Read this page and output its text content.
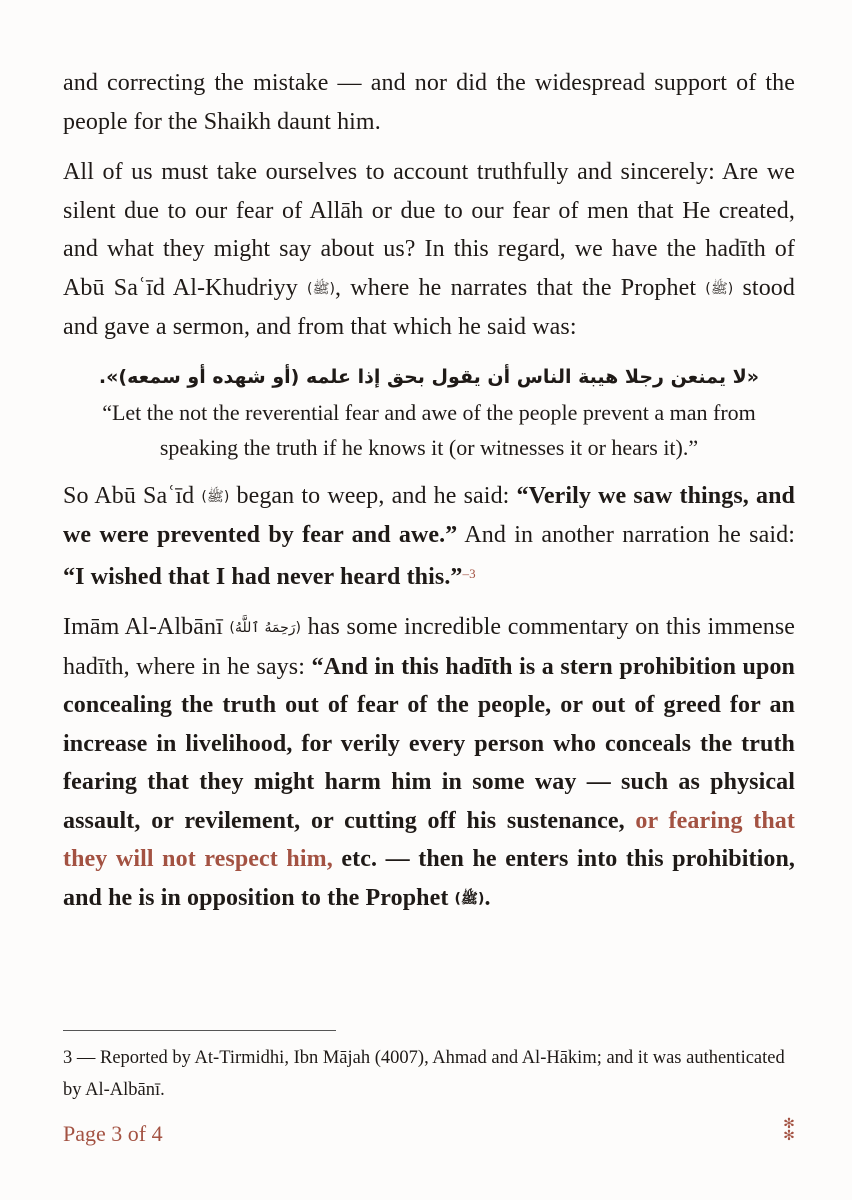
and correcting the mistake — and nor did the widespread support of the people for the Shaikh daunt him.

All of us must take ourselves to account truthfully and sincerely: Are we silent due to our fear of Allāh or due to our fear of men that He created, and what they might say about us? In this regard, we have the hadīth of Abū Saʿīd Al-Khudriyy (ﷺ), where he narrates that the Prophet (ﷺ) stood and gave a sermon, and from that which he said was:

«لا يمنعن رجلا هيبة الناس أن يقول بحق إذا علمه (أو شهده أو سمعه)».
“Let the not the reverential fear and awe of the people prevent a man from speaking the truth if he knows it (or witnesses it or hears it).”

So Abū Saʿīd (ﷺ) began to weep, and he said: “Verily we saw things, and we were prevented by fear and awe.” And in another narration he said: “I wished that I had never heard this.”$^{-3}$

Imām Al-Albānī (رَحِمَهُ ٱللَّهُ) has some incredible commentary on this immense hadīth, where in he says: “And in this hadīth is a stern prohibition upon concealing the truth out of fear of the people, or out of greed for an increase in livelihood, for verily every person who conceals the truth fearing that they might harm him in some way — such as physical assault, or revilement, or cutting off his sustenance, or fearing that they will not respect him, etc. — then he enters into this prohibition, and he is in opposition to the Prophet (ﷺ).

3 — Reported by At-Tirmidhi, Ibn Mājah (4007), Ahmad and Al-Hākim; and it was authenticated by Al-Albānī.
Page 3 of 4	✻
✻
